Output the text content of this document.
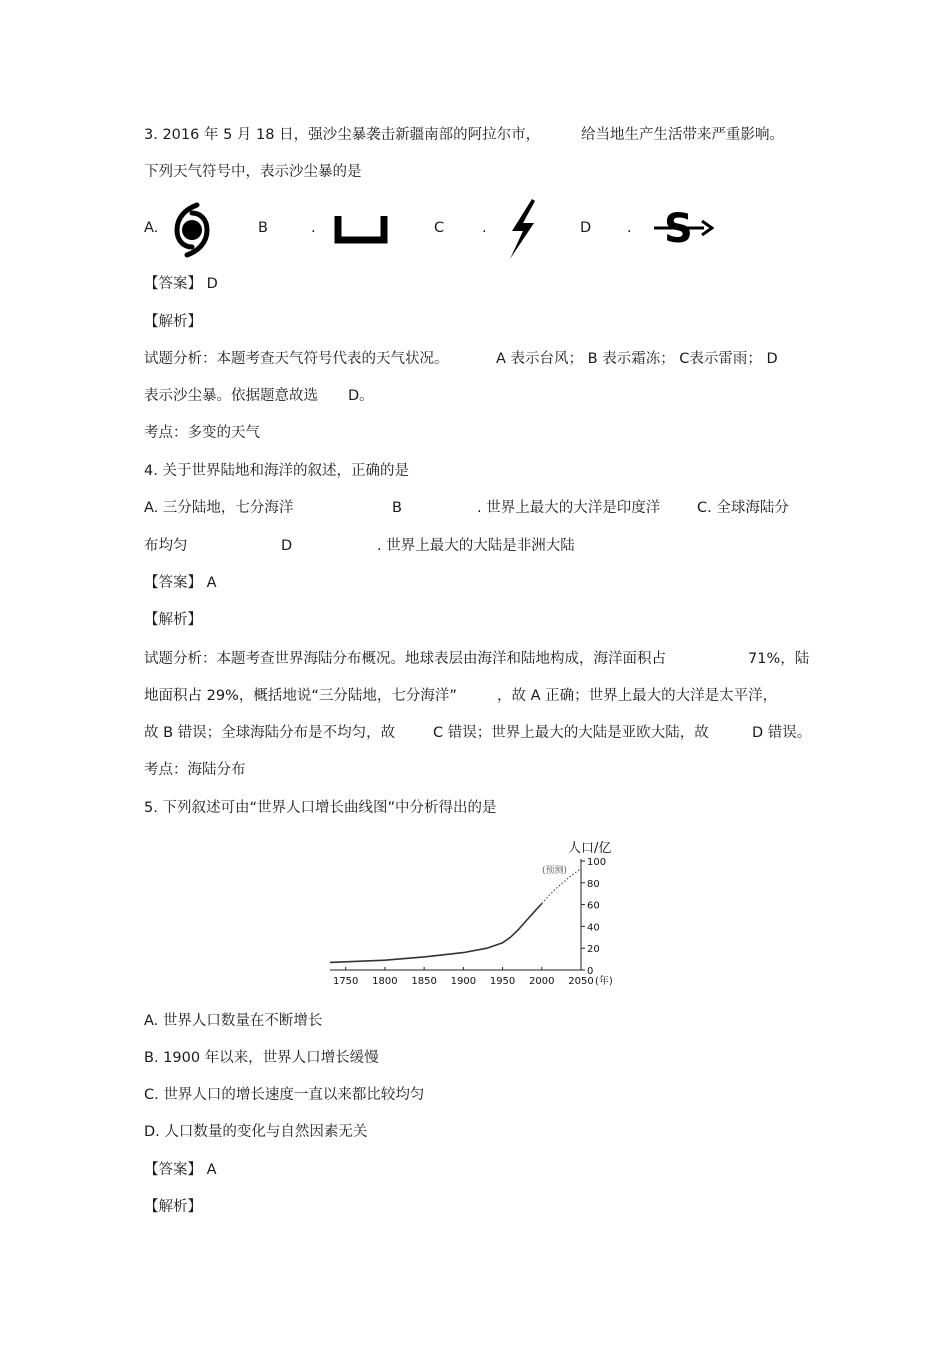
3. 2016 年 5 月 18 日，强沙尘暴袭击新疆南部的阿拉尔市，	给当地生产生活带来严重影响。
下列天气符号中，表示沙尘暴的是
A.	B	.	C	.	D . S
【答案】 D
【解析】
试题分析：本题考查天气符号代表的天气状况。	A 表示台风； B 表示霜冻； C表示雷雨； D
表示沙尘暴。依据题意故选 D。
考点：多变的天气
4. 关于世界陆地和海洋的叙述，正确的是
A. 三分陆地，七分海洋	B	. 世界上最大的大洋是印度洋	C. 全球海陆分
布均匀	D	. 世界上最大的大陆是非洲大陆
【答案】 A
【解析】
试题分析：本题考查世界海陆分布概况。地球表层由海洋和陆地构成，海洋面积占	71%，陆
地面积占 29%，概括地说“三分陆地，七分海洋”	，故 A 正确；世界上最大的大洋是太平洋，
故 B 错误；全球海陆分布是不均匀，故	C 错误；世界上最大的大陆是亚欧大陆，故	D 错误。
考点：海陆分布
5. 下列叙述可由“世界人口增长曲线图”中分析得出的是
0
20
40
60
80
100
1750 1800 1850 1900 1950 2000 2050
人口/亿
(年)
(预测)
A. 世界人口数量在不断增长
B. 1900 年以来，世界人口增长缓慢
C. 世界人口的增长速度一直以来都比较均匀
D. 人口数量的变化与自然因素无关
【答案】 A
【解析】
